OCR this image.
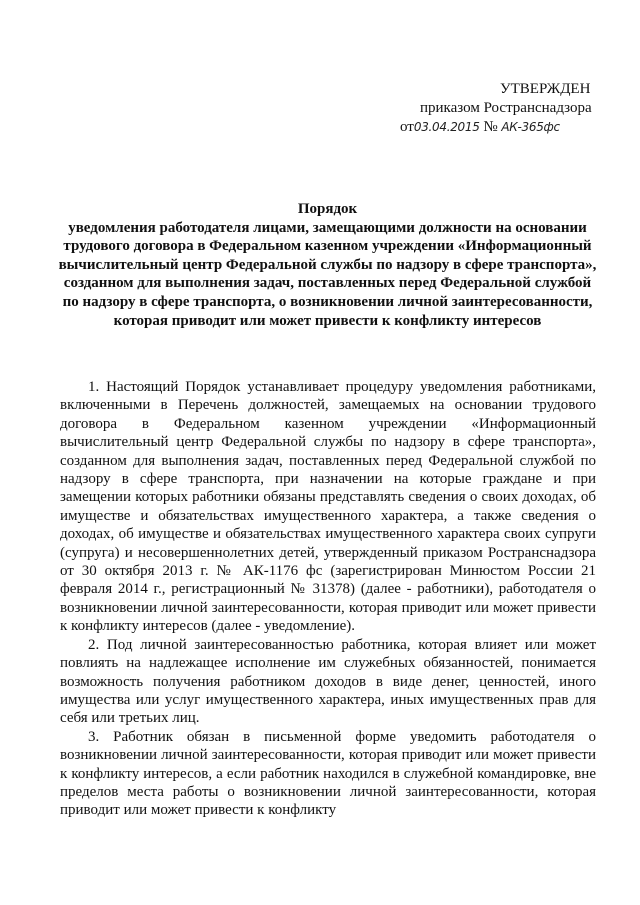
УТВЕРЖДЕН
приказом Ространснадзора
от03.04.2015 № АК-365фс
Порядок
уведомления работодателя лицами, замещающими должности на основании трудового договора в Федеральном казенном учреждении «Информационный вычислительный центр Федеральной службы по надзору в сфере транспорта», созданном для выполнения задач, поставленных перед Федеральной службой по надзору в сфере транспорта, о возникновении личной заинтересованности, которая приводит или может привести к конфликту интересов

1. Настоящий Порядок устанавливает процедуру уведомления работниками, включенными в Перечень должностей, замещаемых на основании трудового договора в Федеральном казенном учреждении «Информационный вычислительный центр Федеральной службы по надзору в сфере транспорта», созданном для выполнения задач, поставленных перед Федеральной службой по надзору в сфере транспорта, при назначении на которые граждане и при замещении которых работники обязаны представлять сведения о своих доходах, об имуществе и обязательствах имущественного характера, а также сведения о доходах, об имуществе и обязательствах имущественного характера своих супруги (супруга) и несовершеннолетних детей, утвержденный приказом Ространснадзора от 30 октября 2013 г. № АК-1176 фс (зарегистрирован Минюстом России 21 февраля 2014 г., регистрационный № 31378) (далее - работники), работодателя о возникновении личной заинтересованности, которая приводит или может привести к конфликту интересов (далее - уведомление).

2. Под личной заинтересованностью работника, которая влияет или может повлиять на надлежащее исполнение им служебных обязанностей, понимается возможность получения работником доходов в виде денег, ценностей, иного имущества или услуг имущественного характера, иных имущественных прав для себя или третьих лиц.

3. Работник обязан в письменной форме уведомить работодателя о возникновении личной заинтересованности, которая приводит или может привести к конфликту интересов, а если работник находился в служебной командировке, вне пределов места работы о возникновении личной заинтересованности, которая приводит или может привести к конфликту
